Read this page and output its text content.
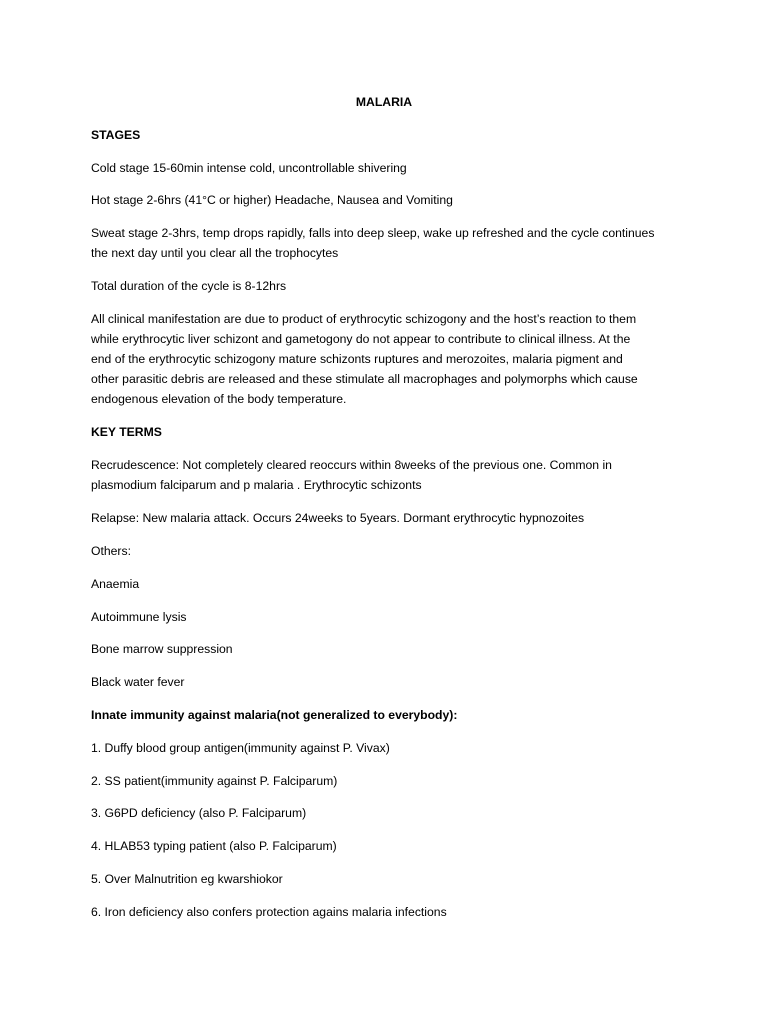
MALARIA

STAGES

Cold stage 15-60min intense cold, uncontrollable shivering

Hot stage 2-6hrs (41°C or higher) Headache, Nausea and Vomiting

Sweat stage 2-3hrs, temp drops rapidly, falls into deep sleep, wake up refreshed and the cycle continues

the next day until you clear all the trophocytes

Total duration of the cycle is 8-12hrs

All clinical manifestation are due to product of erythrocytic schizogony and the host’s reaction to them

while erythrocytic liver schizont and gametogony do not appear to contribute to clinical illness. At the

end of the erythrocytic schizogony mature schizonts ruptures and merozoites, malaria pigment and

other parasitic debris are released and these stimulate all macrophages and polymorphs which cause

endogenous elevation of the body temperature.

KEY TERMS

Recrudescence: Not completely cleared reoccurs within 8weeks of the previous one. Common in

plasmodium falciparum and p malaria . Erythrocytic schizonts

Relapse: New malaria attack. Occurs 24weeks to 5years. Dormant erythrocytic hypnozoites

Others:

Anaemia

Autoimmune lysis

Bone marrow suppression

Black water fever

Innate immunity against malaria(not generalized to everybody):

1. Duffy blood group antigen(immunity against P. Vivax)

2. SS patient(immunity against P. Falciparum)

3. G6PD deficiency (also P. Falciparum)

4. HLAB53 typing patient (also P. Falciparum)

5. Over Malnutrition eg kwarshiokor

6. Iron deficiency also confers protection agains malaria infections
